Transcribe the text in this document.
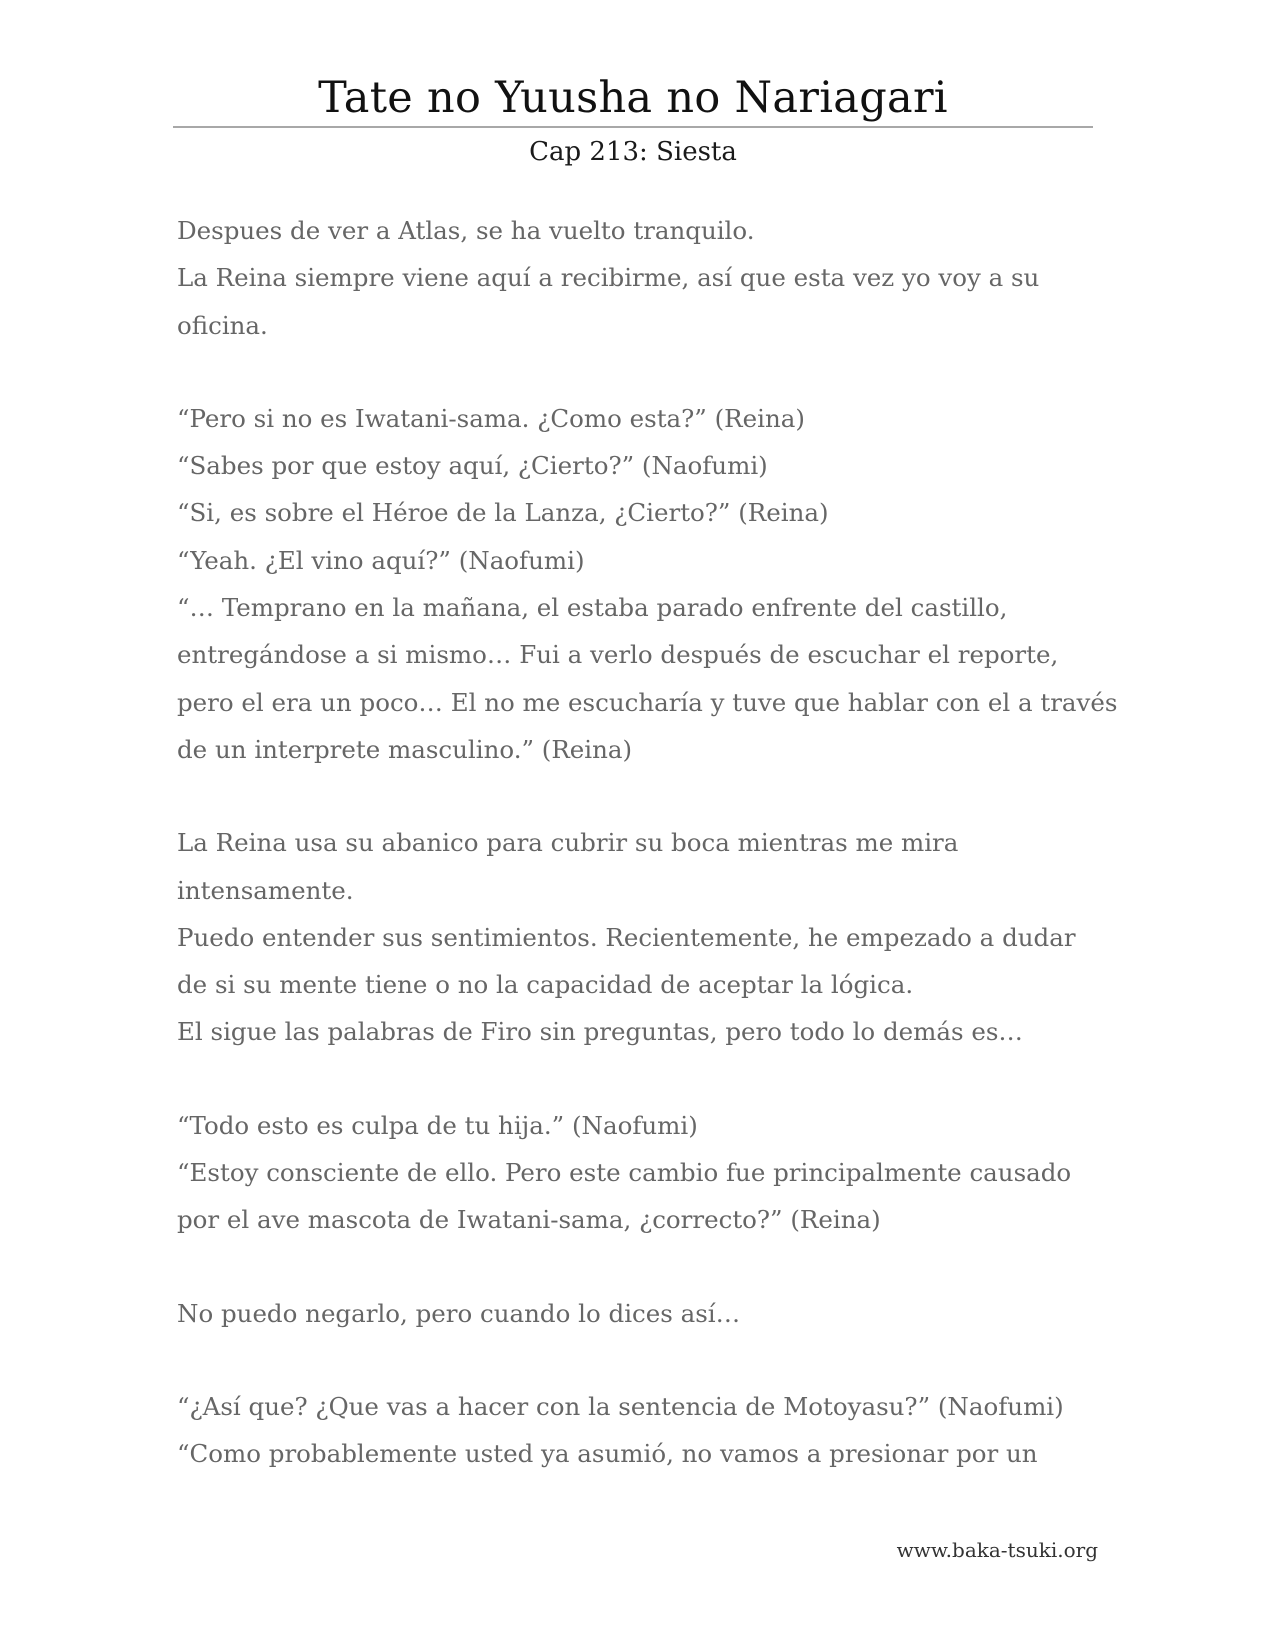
Tate no Yuusha no Nariagari
Cap 213: Siesta
Despues de ver a Atlas, se ha vuelto tranquilo.
La Reina siempre viene aquí a recibirme, así que esta vez yo voy a su
oficina.
“Pero si no es Iwatani-sama. ¿Como esta?” (Reina)
“Sabes por que estoy aquí, ¿Cierto?” (Naofumi)
“Si, es sobre el Héroe de la Lanza, ¿Cierto?” (Reina)
“Yeah. ¿El vino aquí?” (Naofumi)
“… Temprano en la mañana, el estaba parado enfrente del castillo,
entregándose a si mismo… Fui a verlo después de escuchar el reporte,
pero el era un poco… El no me escucharía y tuve que hablar con el a través
de un interprete masculino.” (Reina)
La Reina usa su abanico para cubrir su boca mientras me mira
intensamente.
Puedo entender sus sentimientos. Recientemente, he empezado a dudar
de si su mente tiene o no la capacidad de aceptar la lógica.
El sigue las palabras de Firo sin preguntas, pero todo lo demás es…
“Todo esto es culpa de tu hija.” (Naofumi)
“Estoy consciente de ello. Pero este cambio fue principalmente causado
por el ave mascota de Iwatani-sama, ¿correcto?” (Reina)
No puedo negarlo, pero cuando lo dices así…
“¿Así que? ¿Que vas a hacer con la sentencia de Motoyasu?” (Naofumi)
“Como probablemente usted ya asumió, no vamos a presionar por un
www.baka-tsuki.org
